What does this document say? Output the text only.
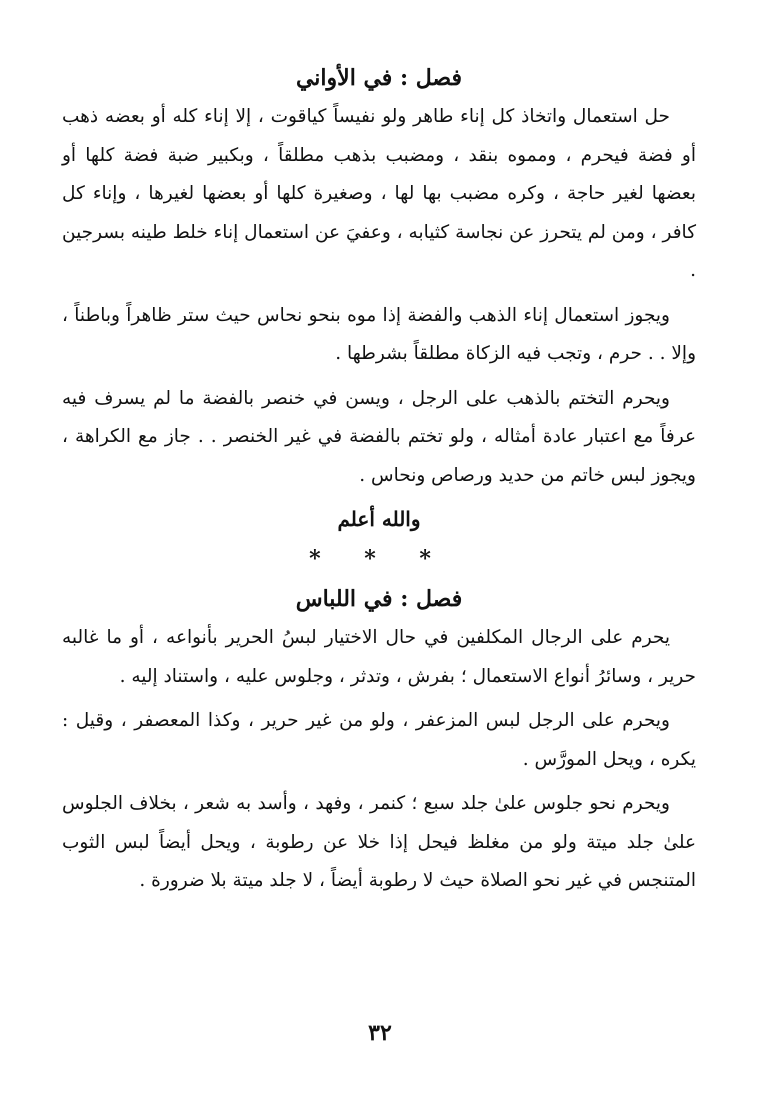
فصل : في الأواني

حل استعمال واتخاذ كل إناء طاهر ولو نفيساً كياقوت ، إلا إناء كله أو بعضه ذهب أو فضة فيحرم ، ومموه بنقد ، ومضبب بذهب مطلقاً ، وبكبير ضبة فضة كلها أو بعضها لغير حاجة ، وكره مضبب بها لها ، وصغيرة كلها أو بعضها لغيرها ، وإناء كل كافر ، ومن لم يتحرز عن نجاسة كثيابه ، وعفيَ عن استعمال إناء خلط طينه بسرجين .

ويجوز استعمال إناء الذهب والفضة إذا موه بنحو نحاس حيث ستر ظاهراً وباطناً ، وإلا . . حرم ، وتجب فيه الزكاة مطلقاً بشرطها .

ويحرم التختم بالذهب على الرجل ، ويسن في خنصر بالفضة ما لم يسرف فيه عرفاً مع اعتبار عادة أمثاله ، ولو تختم بالفضة في غير الخنصر . . جاز مع الكراهة ، ويجوز لبس خاتم من حديد ورصاص ونحاس .

والله أعلم
* * *
فصل : في اللباس

يحرم على الرجال المكلفين في حال الاختيار لبسُ الحرير بأنواعه ، أو ما غالبه حرير ، وسائرُ أنواع الاستعمال ؛ بفرش ، وتدثر ، وجلوس عليه ، واستناد إليه .

ويحرم على الرجل لبس المزعفر ، ولو من غير حرير ، وكذا المعصفر ، وقيل : يكره ، ويحل المورَّس .

ويحرم نحو جلوس علىٰ جلد سبع ؛ كنمر ، وفهد ، وأسد به شعر ، بخلاف الجلوس علىٰ جلد ميتة ولو من مغلظ فيحل إذا خلا عن رطوبة ، ويحل أيضاً لبس الثوب المتنجس في غير نحو الصلاة حيث لا رطوبة أيضاً ، لا جلد ميتة بلا ضرورة .

٣٢
